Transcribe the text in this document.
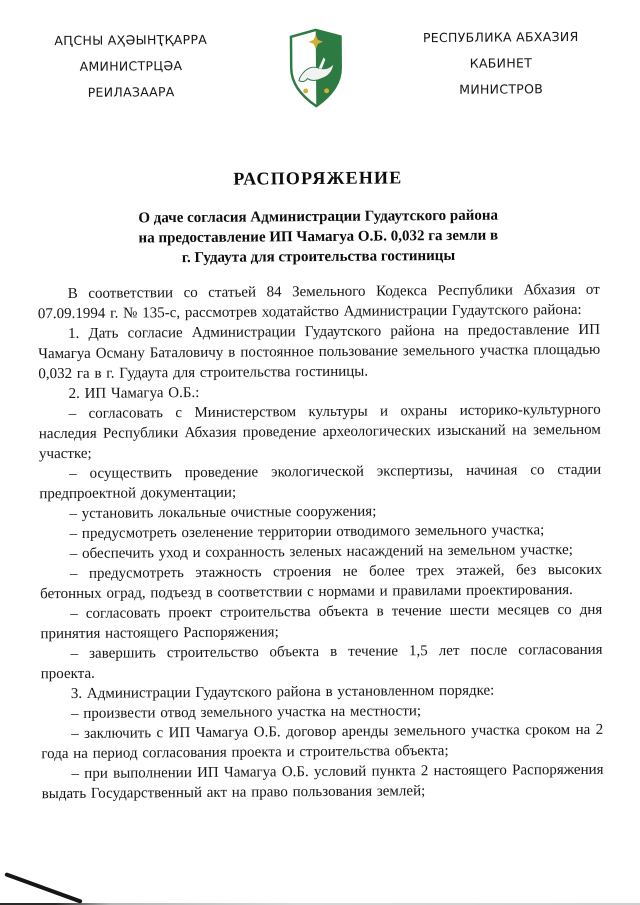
АԤСНЫ АҲӘЫНҬҚАРРА
АМИНИСТРЦӘА
РЕИЛАЗААРА
РЕСПУБЛИКА АБХАЗИЯ
КАБИНЕТ
МИНИСТРОВ
РАСПОРЯЖЕНИЕ
О даче согласия Администрации Гудаутского района
на предоставление ИП Чамагуа О.Б. 0,032 га земли в
г. Гудаута для строительства гостиницы

В соответствии со статьей 84 Земельного Кодекса Республики Абхазия от 07.09.1994 г. № 135-с, рассмотрев ходатайство Администрации Гудаутского района:

1. Дать согласие Администрации Гудаутского района на предоставление ИП Чамагуа Осману Баталовичу в постоянное пользование земельного участка площадью 0,032 га в г. Гудаута для строительства гостиницы.

2. ИП Чамагуа О.Б.:

– согласовать с Министерством культуры и охраны историко-культурного наследия Республики Абхазия проведение археологических изысканий на земельном участке;

– осуществить проведение экологической экспертизы, начиная со стадии предпроектной документации;

– установить локальные очистные сооружения;

– предусмотреть озеленение территории отводимого земельного участка;

– обеспечить уход и сохранность зеленых насаждений на земельном участке;

– предусмотреть этажность строения не более трех этажей, без высоких бетонных оград, подъезд в соответствии с нормами и правилами проектирования.

– согласовать проект строительства объекта в течение шести месяцев со дня принятия настоящего Распоряжения;

– завершить строительство объекта в течение 1,5 лет после согласования проекта.

3. Администрации Гудаутского района в установленном порядке:

– произвести отвод земельного участка на местности;

– заключить с ИП Чамагуа О.Б. договор аренды земельного участка сроком на 2 года на период согласования проекта и строительства объекта;

– при выполнении ИП Чамагуа О.Б. условий пункта 2 настоящего Распоряжения выдать Государственный акт на право пользования землей;
